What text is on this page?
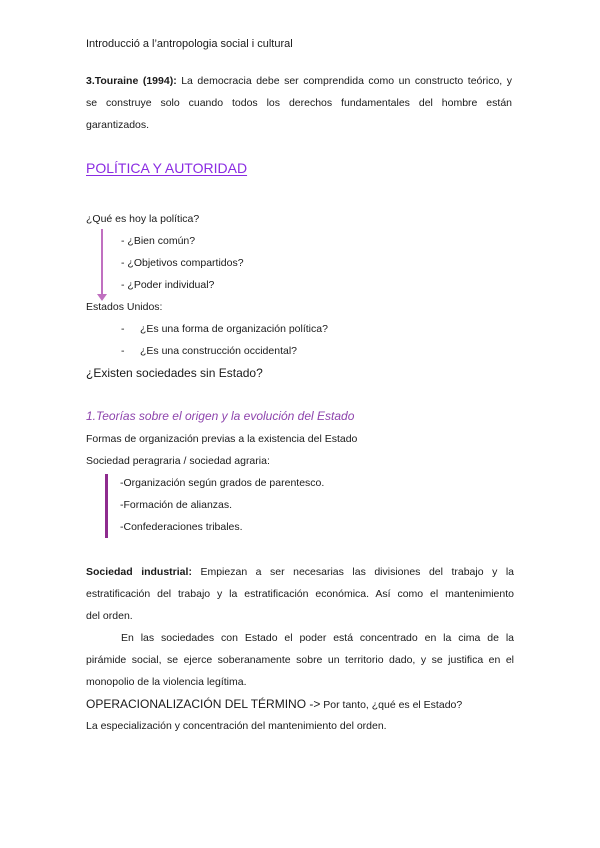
Introducció a l’antropologia social i cultural
3.Touraine (1994): La democracia debe ser comprendida como un constructo teórico, y
se construye solo cuando todos los derechos fundamentales del hombre están
garantizados.
POLÍTICA Y AUTORIDAD
¿Qué es hoy la política?
- ¿Bien común?
- ¿Objetivos compartidos?
- ¿Poder individual?
Estados Unidos:
- ¿Es una forma de organización política?
- ¿Es una construcción occidental?
¿Existen sociedades sin Estado?
1.Teorías sobre el origen y la evolución del Estado
Formas de organización previas a la existencia del Estado
Sociedad peragraria / sociedad agraria:
-Organización según grados de parentesco.
-Formación de alianzas.
-Confederaciones tribales.
Sociedad industrial: Empiezan a ser necesarias las divisiones del trabajo y la
estratificación del trabajo y la estratificación económica. Así como el mantenimiento
del orden.
En las sociedades con Estado el poder está concentrado en la cima de la
pirámide social, se ejerce soberanamente sobre un territorio dado, y se justifica en el
monopolio de la violencia legítima.
OPERACIONALIZACIÓN DEL TÉRMINO -> Por tanto, ¿qué es el Estado?
La especialización y concentración del mantenimiento del orden.
